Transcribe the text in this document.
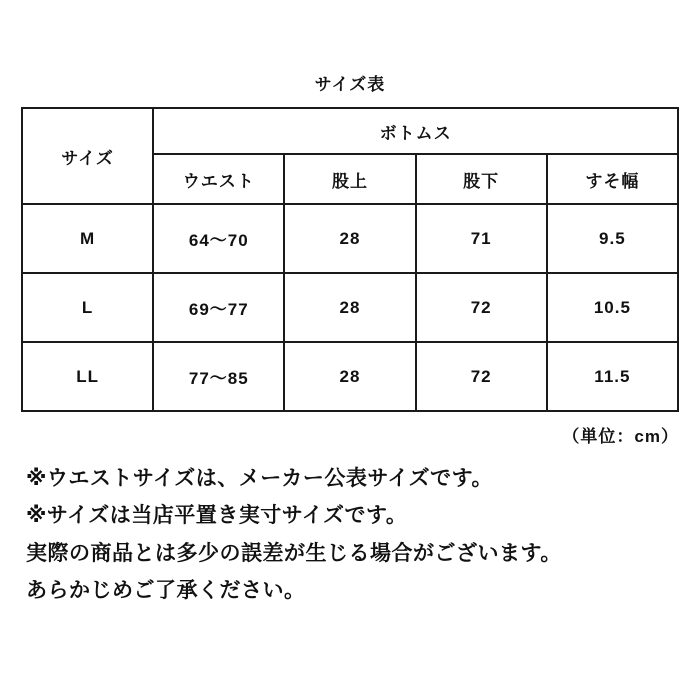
サイズ表
サイズ	ボトムス			
	ウエスト	股上	股下	すそ幅
M	64〜70	28	71	9.5
L	69〜77	28	72	10.5
LL	77〜85	28	72	11.5
（単位：cm）

※ウエストサイズは、メーカー公表サイズです。

※サイズは当店平置き実寸サイズです。

実際の商品とは多少の誤差が生じる場合がございます。

あらかじめご了承ください。
